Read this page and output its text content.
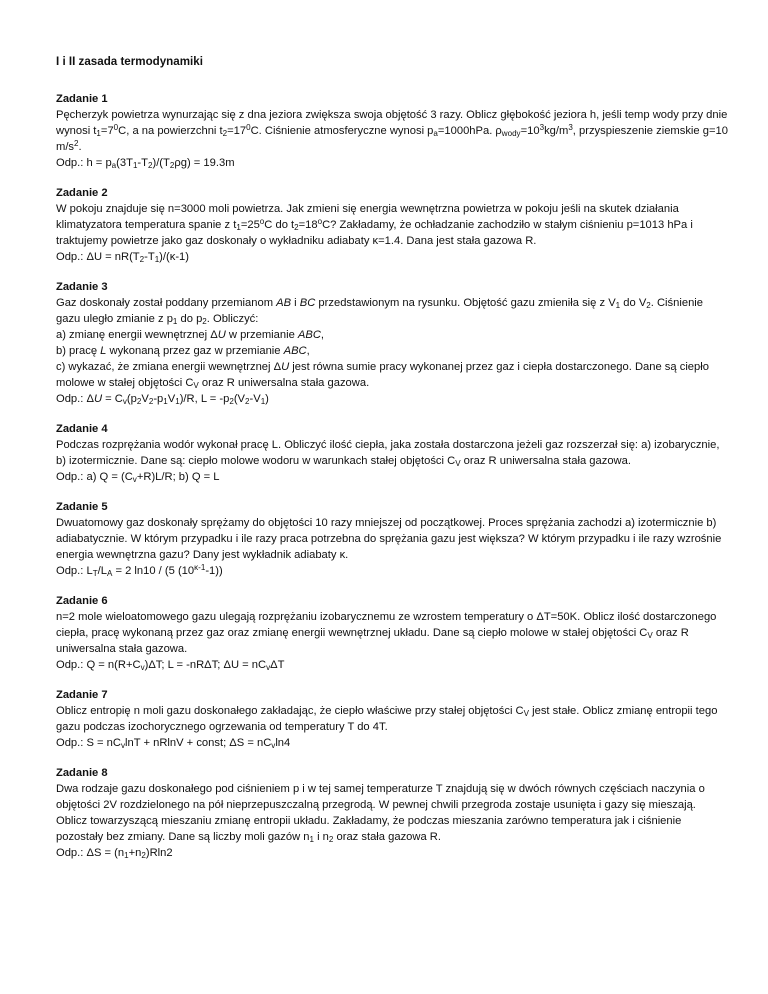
I i II zasada termodynamiki
Zadanie 1

Pęcherzyk powietrza wynurzając się z dna jeziora zwiększa swoja objętość 3 razy. Oblicz głębokość jeziora h, jeśli temp wody przy dnie wynosi $t_1=7^0C$, a na powierzchni $t_2=17^0C$. Ciśnienie atmosferyczne wynosi $p_a=1000hPa$. $\rho_{wody}=10^3kg/m^3$, przyspieszenie ziemskie g=10 $m/s^2$.

Odp.: $h = p_a(3T_1-T_2)/(T_2\rho g) = 19.3m$

Zadanie 2

W pokoju znajduje się n=3000 moli powietrza. Jak zmieni się energia wewnętrzna powietrza w pokoju jeśli na skutek działania klimatyzatora temperatura spanie z $t_1=25^oC$ do $t_2=18^oC$? Zakładamy, że ochładzanie zachodziło w stałym ciśnieniu p=1013 hPa i traktujemy powietrze jako gaz doskonały o wykładniku adiabaty κ=1.4. Dana jest stała gazowa R.

Odp.: $\Delta U = nR(T_2-T_1)/(\kappa-1)$

Zadanie 3

Gaz doskonały został poddany przemianom AB i BC przedstawionym na rysunku. Objętość gazu zmieniła się z $V_1$ do $V_2$. Ciśnienie gazu uległo zmianie z $p_1$ do $p_2$. Obliczyć:

a) zmianę energii wewnętrznej ΔU w przemianie ABC,

b) pracę L wykonaną przez gaz w przemianie ABC,

c) wykazać, że zmiana energii wewnętrznej ΔU jest równa sumie pracy wykonanej przez gaz i ciepła dostarczonego. Dane są ciepło molowe w stałej objętości $C_V$ oraz R uniwersalna stała gazowa.

Odp.: $\Delta U = C_v(p_2V_2-p_1V_1)/R$, $L = -p_2(V_2-V_1)$

Zadanie 4

Podczas rozprężania wodór wykonał pracę L. Obliczyć ilość ciepła, jaka została dostarczona jeżeli gaz rozszerzał się: a) izobarycznie, b) izotermicznie. Dane są: ciepło molowe wodoru w warunkach stałej objętości $C_V$ oraz R uniwersalna stała gazowa.

Odp.: a) $Q = (C_v+R)L/R$; b) Q = L

Zadanie 5

Dwuatomowy gaz doskonały sprężamy do objętości 10 razy mniejszej od początkowej. Proces sprężania zachodzi a) izotermicznie b) adiabatycznie. W którym przypadku i ile razy praca potrzebna do sprężania gazu jest większa? W którym przypadku i ile razy wzrośnie energia wewnętrzna gazu? Dany jest wykładnik adiabaty κ.

Odp.: $L_T/L_A = 2$ ln10 / (5 $(10^{\kappa-1}-1)$)

Zadanie 6

n=2 mole wieloatomowego gazu ulegają rozprężaniu izobarycznemu ze wzrostem temperatury o ΔT=50K. Oblicz ilość dostarczonego ciepła, pracę wykonaną przez gaz oraz zmianę energii wewnętrznej układu. Dane są ciepło molowe w stałej objętości $C_V$ oraz R uniwersalna stała gazowa.

Odp.: $Q = n(R+C_v)\Delta T$; L = -nRΔT; $\Delta U = nC_v\Delta T$

Zadanie 7

Oblicz entropię n moli gazu doskonałego zakładając, że ciepło właściwe przy stałej objętości $C_V$ jest stałe. Oblicz zmianę entropii tego gazu podczas izochorycznego ogrzewania od temperatury T do 4T.

Odp.: $S = nC_v\ln T + nRlnV$ + const; $\Delta S = nC_v\ln 4$

Zadanie 8

Dwa rodzaje gazu doskonałego pod ciśnieniem p i w tej samej temperaturze T znajdują się w dwóch równych częściach naczynia o objętości 2V rozdzielonego na pół nieprzepuszczalną przegrodą. W pewnej chwili przegroda zostaje usunięta i gazy się mieszają. Oblicz towarzyszącą mieszaniu zmianę entropii układu. Zakładamy, że podczas mieszania zarówno temperatura jak i ciśnienie pozostały bez zmiany. Dane są liczby moli gazów $n_1$ i $n_2$ oraz stała gazowa R.

Odp.: $\Delta S = (n_1+n_2)Rln2$
